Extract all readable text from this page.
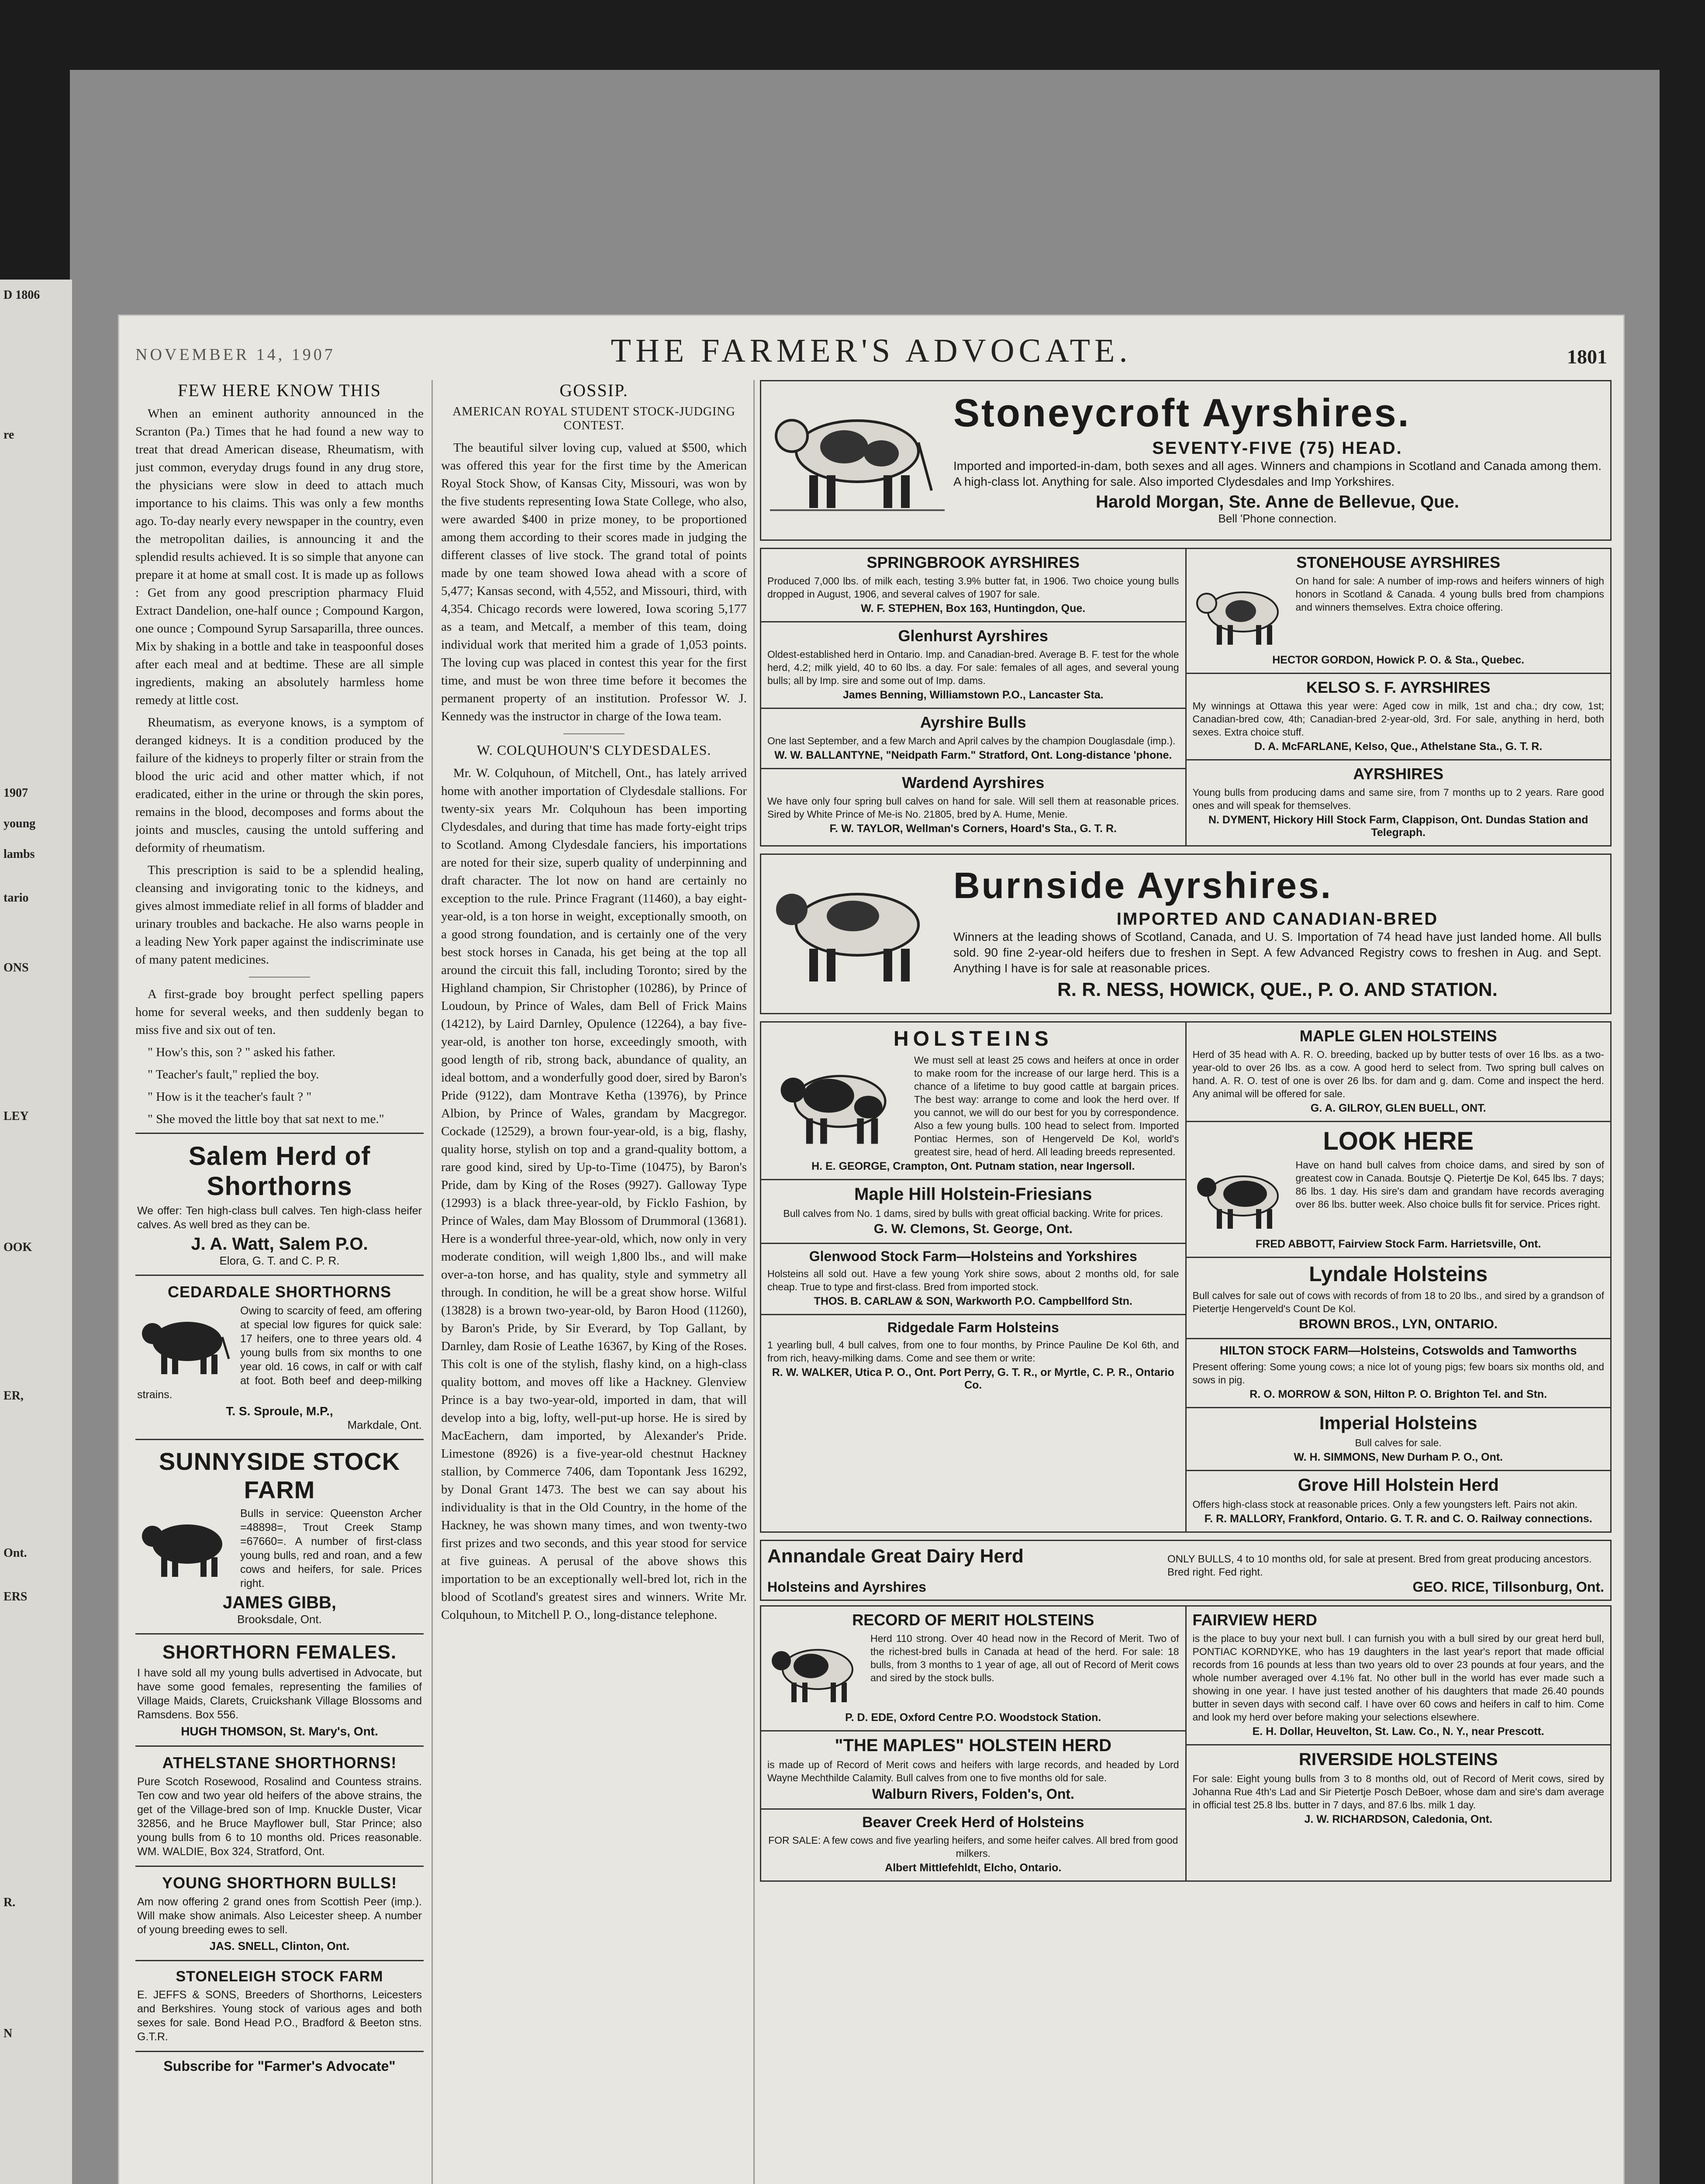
D 1806
re
1907
young
lambs
tario
ONS
LEY
OOK
ER,
Ont.
ERS
R.
N
NOVEMBER 14, 1907	THE FARMER'S ADVOCATE.	1801
FEW HERE KNOW THIS

When an eminent authority announced in the Scranton (Pa.) Times that he had found a new way to treat that dread American disease, Rheumatism, with just common, everyday drugs found in any drug store, the physicians were slow in deed to attach much importance to his claims. This was only a few months ago. To-day nearly every newspaper in the country, even the metropolitan dailies, is announcing it and the splendid results achieved. It is so simple that anyone can prepare it at home at small cost. It is made up as follows : Get from any good prescription pharmacy Fluid Extract Dandelion, one-half ounce ; Compound Kargon, one ounce ; Compound Syrup Sarsaparilla, three ounces. Mix by shaking in a bottle and take in teaspoonful doses after each meal and at bedtime. These are all simple ingredients, making an absolutely harmless home remedy at little cost.

Rheumatism, as everyone knows, is a symptom of deranged kidneys. It is a condition produced by the failure of the kidneys to properly filter or strain from the blood the uric acid and other matter which, if not eradicated, either in the urine or through the skin pores, remains in the blood, decomposes and forms about the joints and muscles, causing the untold suffering and deformity of rheumatism.

This prescription is said to be a splendid healing, cleansing and invigorating tonic to the kidneys, and gives almost immediate relief in all forms of bladder and urinary troubles and backache. He also warns people in a leading New York paper against the indiscriminate use of many patent medicines.

A first-grade boy brought perfect spelling papers home for several weeks, and then suddenly began to miss five and six out of ten.

" How's this, son ? " asked his father.

" Teacher's fault," replied the boy.

" How is it the teacher's fault ? "

" She moved the little boy that sat next to me."

Salem Herd of Shorthorns
We offer: Ten high-class bull calves. Ten high-class heifer calves. As well bred as they can be.
J. A. Watt, Salem P.O.
Elora, G. T. and C. P. R.
CEDARDALE SHORTHORNS
Owing to scarcity of feed, am offering at special low figures for quick sale: 17 heifers, one to three years old. 4 young bulls from six months to one year old. 16 cows, in calf or with calf at foot. Both beef and deep-milking strains.
T. S. Sproule, M.P.,
Markdale, Ont.
SUNNYSIDE STOCK FARM
Bulls in service: Queenston Archer =48898=, Trout Creek Stamp =67660=. A number of first-class young bulls, red and roan, and a few cows and heifers, for sale. Prices right.
JAMES GIBB,
Brooksdale, Ont.
SHORTHORN FEMALES.
I have sold all my young bulls advertised in Advocate, but have some good females, representing the families of Village Maids, Clarets, Cruickshank Village Blossoms and Ramsdens. Box 556.
HUGH THOMSON, St. Mary's, Ont.
ATHELSTANE SHORTHORNS!
Pure Scotch Rosewood, Rosalind and Countess strains. Ten cow and two year old heifers of the above strains, the get of the Village-bred son of Imp. Knuckle Duster, Vicar 32856, and he Bruce Mayflower bull, Star Prince; also young bulls from 6 to 10 months old. Prices reasonable. WM. WALDIE, Box 324, Stratford, Ont.
YOUNG SHORTHORN BULLS!
Am now offering 2 grand ones from Scottish Peer (imp.). Will make show animals. Also Leicester sheep. A number of young breeding ewes to sell.
JAS. SNELL, Clinton, Ont.
STONELEIGH STOCK FARM
E. JEFFS & SONS, Breeders of Shorthorns, Leicesters and Berkshires. Young stock of various ages and both sexes for sale. Bond Head P.O., Bradford & Beeton stns. G.T.R.
Subscribe for "Farmer's Advocate"
GOSSIP.
AMERICAN ROYAL STUDENT STOCK-JUDGING CONTEST.

The beautiful silver loving cup, valued at $500, which was offered this year for the first time by the American Royal Stock Show, of Kansas City, Missouri, was won by the five students representing Iowa State College, who also, were awarded $400 in prize money, to be proportioned among them according to their scores made in judging the different classes of live stock. The grand total of points made by one team showed Iowa ahead with a score of 5,477; Kansas second, with 4,552, and Missouri, third, with 4,354. Chicago records were lowered, Iowa scoring 5,177 as a team, and Metcalf, a member of this team, doing individual work that merited him a grade of 1,053 points. The loving cup was placed in contest this year for the first time, and must be won three time before it becomes the permanent property of an institution. Professor W. J. Kennedy was the instructor in charge of the Iowa team.

W. COLQUHOUN'S CLYDESDALES.

Mr. W. Colquhoun, of Mitchell, Ont., has lately arrived home with another importation of Clydesdale stallions. For twenty-six years Mr. Colquhoun has been importing Clydesdales, and during that time has made forty-eight trips to Scotland. Among Clydesdale fanciers, his importations are noted for their size, superb quality of underpinning and draft character. The lot now on hand are certainly no exception to the rule. Prince Fragrant (11460), a bay eight-year-old, is a ton horse in weight, exceptionally smooth, on a good strong foundation, and is certainly one of the very best stock horses in Canada, his get being at the top all around the circuit this fall, including Toronto; sired by the Highland champion, Sir Christopher (10286), by Prince of Loudoun, by Prince of Wales, dam Bell of Frick Mains (14212), by Laird Darnley, Opulence (12264), a bay five-year-old, is another ton horse, exceedingly smooth, with good length of rib, strong back, abundance of quality, an ideal bottom, and a wonderfully good doer, sired by Baron's Pride (9122), dam Montrave Ketha (13976), by Prince Albion, by Prince of Wales, grandam by Macgregor. Cockade (12529), a brown four-year-old, is a big, flashy, quality horse, stylish on top and a grand-quality bottom, a rare good kind, sired by Up-to-Time (10475), by Baron's Pride, dam by King of the Roses (9927). Galloway Type (12993) is a black three-year-old, by Ficklo Fashion, by Prince of Wales, dam May Blossom of Drummoral (13681). Here is a wonderful three-year-old, which, now only in very moderate condition, will weigh 1,800 lbs., and will make over-a-ton horse, and has quality, style and symmetry all through. In condition, he will be a great show horse. Wilful (13828) is a brown two-year-old, by Baron Hood (11260), by Baron's Pride, by Sir Everard, by Top Gallant, by Darnley, dam Rosie of Leathe 16367, by King of the Roses. This colt is one of the stylish, flashy kind, on a high-class quality bottom, and moves off like a Hackney. Glenview Prince is a bay two-year-old, imported in dam, that will develop into a big, lofty, well-put-up horse. He is sired by MacEachern, dam imported, by Alexander's Pride. Limestone (8926) is a five-year-old chestnut Hackney stallion, by Commerce 7406, dam Topontank Jess 16292, by Donal Grant 1473. The best we can say about his individuality is that in the Old Country, in the home of the Hackney, he was shown many times, and won twenty-two first prizes and two seconds, and this year stood for service at five guineas. A perusal of the above shows this importation to be an exceptionally well-bred lot, rich in the blood of Scotland's greatest sires and winners. Write Mr. Colquhoun, to Mitchell P. O., long-distance telephone.

Stoneycroft Ayrshires.
SEVENTY-FIVE (75) HEAD.
Imported and imported-in-dam, both sexes and all ages. Winners and champions in Scotland and Canada among them. A high-class lot. Anything for sale. Also imported Clydesdales and Imp Yorkshires.
Harold Morgan, Ste. Anne de Bellevue, Que.
Bell 'Phone connection.
SPRINGBROOK AYRSHIRES
Produced 7,000 lbs. of milk each, testing 3.9% butter fat, in 1906. Two choice young bulls dropped in August, 1906, and several calves of 1907 for sale.
W. F. STEPHEN, Box 163, Huntingdon, Que.
Glenhurst Ayrshires
Oldest-established herd in Ontario. Imp. and Canadian-bred. Average B. F. test for the whole herd, 4.2; milk yield, 40 to 60 lbs. a day. For sale: females of all ages, and several young bulls; all by Imp. sire and some out of Imp. dams.
James Benning, Williamstown P.O., Lancaster Sta.
Ayrshire Bulls
One last September, and a few March and April calves by the champion Douglasdale (imp.).
W. W. BALLANTYNE, "Neidpath Farm." Stratford, Ont. Long-distance 'phone.
Wardend Ayrshires
We have only four spring bull calves on hand for sale. Will sell them at reasonable prices. Sired by White Prince of Me-is No. 21805, bred by A. Hume, Menie.
F. W. TAYLOR, Wellman's Corners, Hoard's Sta., G. T. R.
STONEHOUSE AYRSHIRES
On hand for sale: A number of imp-rows and heifers winners of high honors in Scotland & Canada. 4 young bulls bred from champions and winners themselves. Extra choice offering.
HECTOR GORDON, Howick P. O. & Sta., Quebec.
KELSO S. F. AYRSHIRES
My winnings at Ottawa this year were: Aged cow in milk, 1st and cha.; dry cow, 1st; Canadian-bred cow, 4th; Canadian-bred 2-year-old, 3rd. For sale, anything in herd, both sexes. Extra choice stuff.
D. A. McFARLANE, Kelso, Que., Athelstane Sta., G. T. R.
AYRSHIRES
Young bulls from producing dams and same sire, from 7 months up to 2 years. Rare good ones and will speak for themselves.
N. DYMENT, Hickory Hill Stock Farm, Clappison, Ont. Dundas Station and Telegraph.
Burnside Ayrshires.
IMPORTED AND CANADIAN-BRED
Winners at the leading shows of Scotland, Canada, and U. S. Importation of 74 head have just landed home. All bulls sold. 90 fine 2-year-old heifers due to freshen in Sept. A few Advanced Registry cows to freshen in Aug. and Sept. Anything I have is for sale at reasonable prices.
R. R. NESS, HOWICK, QUE., P. O. AND STATION.
HOLSTEINS
We must sell at least 25 cows and heifers at once in order to make room for the increase of our large herd. This is a chance of a lifetime to buy good cattle at bargain prices. The best way: arrange to come and look the herd over. If you cannot, we will do our best for you by correspondence. Also a few young bulls. 100 head to select from. Imported Pontiac Hermes, son of Hengerveld De Kol, world's greatest sire, head of herd. All leading breeds represented.
H. E. GEORGE, Crampton, Ont. Putnam station, near Ingersoll.
Maple Hill Holstein-Friesians
Bull calves from No. 1 dams, sired by bulls with great official backing. Write for prices.
G. W. Clemons, St. George, Ont.
Glenwood Stock Farm—Holsteins and Yorkshires
Holsteins all sold out. Have a few young York shire sows, about 2 months old, for sale cheap. True to type and first-class. Bred from imported stock.
THOS. B. CARLAW & SON, Warkworth P.O. Campbellford Stn.
Ridgedale Farm Holsteins
1 yearling bull, 4 bull calves, from one to four months, by Prince Pauline De Kol 6th, and from rich, heavy-milking dams. Come and see them or write:
R. W. WALKER, Utica P. O., Ont. Port Perry, G. T. R., or Myrtle, C. P. R., Ontario Co.
MAPLE GLEN HOLSTEINS
Herd of 35 head with A. R. O. breeding, backed up by butter tests of over 16 lbs. as a two-year-old to over 26 lbs. as a cow. A good herd to select from. Two spring bull calves on hand. A. R. O. test of one is over 26 lbs. for dam and g. dam. Come and inspect the herd. Any animal will be offered for sale.
G. A. GILROY, GLEN BUELL, ONT.
LOOK HERE
Have on hand bull calves from choice dams, and sired by son of greatest cow in Canada. Boutsje Q. Pietertje De Kol, 645 lbs. 7 days; 86 lbs. 1 day. His sire's dam and grandam have records averaging over 86 lbs. butter week. Also choice bulls fit for service. Prices right.
FRED ABBOTT, Fairview Stock Farm. Harrietsville, Ont.
Lyndale Holsteins
Bull calves for sale out of cows with records of from 18 to 20 lbs., and sired by a grandson of Pietertje Hengerveld's Count De Kol.
BROWN BROS., LYN, ONTARIO.
HILTON STOCK FARM—Holsteins, Cotswolds and Tamworths
Present offering: Some young cows; a nice lot of young pigs; few boars six months old, and sows in pig.
R. O. MORROW & SON, Hilton P. O. Brighton Tel. and Stn.
Imperial Holsteins
Bull calves for sale.
W. H. SIMMONS, New Durham P. O., Ont.
Grove Hill Holstein Herd
Offers high-class stock at reasonable prices. Only a few youngsters left. Pairs not akin.
F. R. MALLORY, Frankford, Ontario. G. T. R. and C. O. Railway connections.
Annandale Great Dairy Herd	ONLY BULLS, 4 to 10 months old, for sale at present. Bred from great producing ancestors. Bred right. Fed right.
Holsteins and Ayrshires	GEO. RICE, Tillsonburg, Ont.
RECORD OF MERIT HOLSTEINS
Herd 110 strong. Over 40 head now in the Record of Merit. Two of the richest-bred bulls in Canada at head of the herd. For sale: 18 bulls, from 3 months to 1 year of age, all out of Record of Merit cows and sired by the stock bulls.
P. D. EDE, Oxford Centre P.O. Woodstock Station.
"THE MAPLES" HOLSTEIN HERD
is made up of Record of Merit cows and heifers with large records, and headed by Lord Wayne Mechthilde Calamity. Bull calves from one to five months old for sale.
Walburn Rivers, Folden's, Ont.
Beaver Creek Herd of Holsteins
FOR SALE: A few cows and five yearling heifers, and some heifer calves. All bred from good milkers.
Albert Mittlefehldt, Elcho, Ontario.
FAIRVIEW HERD
is the place to buy your next bull. I can furnish you with a bull sired by our great herd bull, PONTIAC KORNDYKE, who has 19 daughters in the last year's report that made official records from 16 pounds at less than two years old to over 23 pounds at four years, and the whole number averaged over 4.1% fat. No other bull in the world has ever made such a showing in one year. I have just tested another of his daughters that made 26.40 pounds butter in seven days with second calf. I have over 60 cows and heifers in calf to him. Come and look my herd over before making your selections elsewhere.
E. H. Dollar, Heuvelton, St. Law. Co., N. Y., near Prescott.
RIVERSIDE HOLSTEINS
For sale: Eight young bulls from 3 to 8 months old, out of Record of Merit cows, sired by Johanna Rue 4th's Lad and Sir Pietertje Posch DeBoer, whose dam and sire's dam average in official test 25.8 lbs. butter in 7 days, and 87.6 lbs. milk 1 day.
J. W. RICHARDSON, Caledonia, Ont.
